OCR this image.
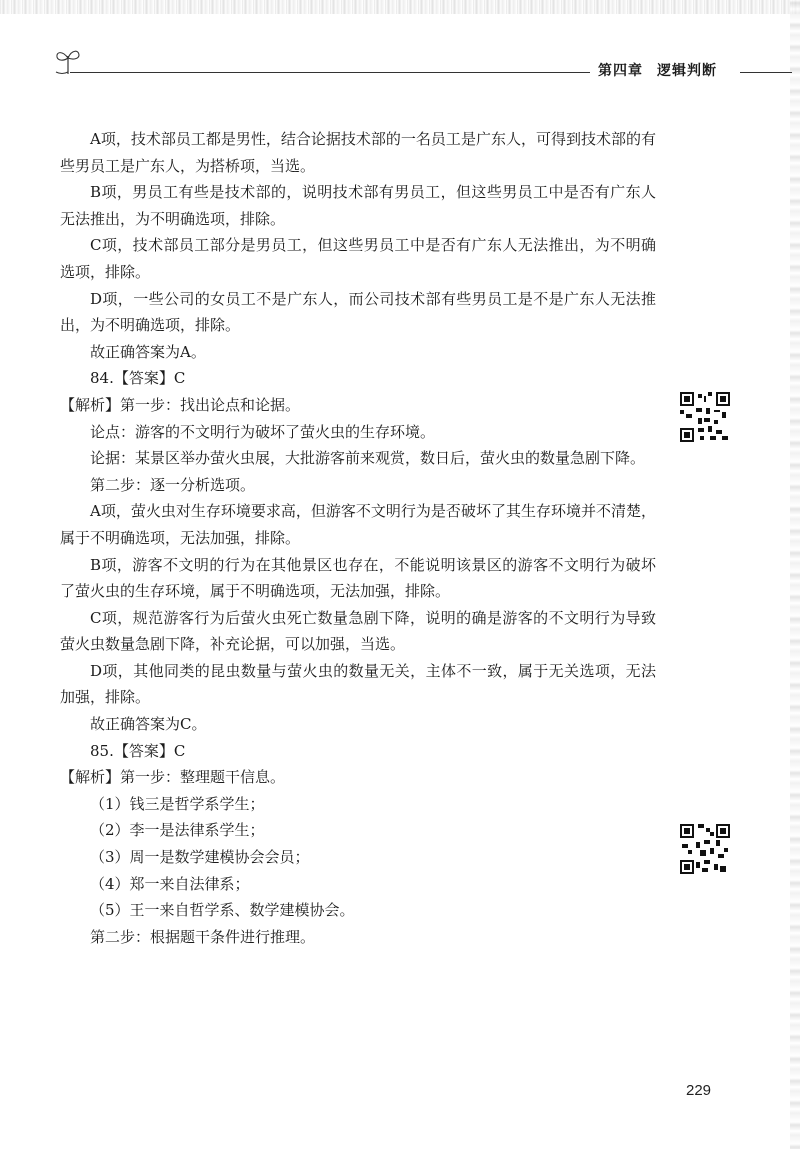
第四章 逻辑判断

A项，技术部员工都是男性，结合论据技术部的一名员工是广东人，可得到技术部的有些男员工是广东人，为搭桥项，当选。

B项，男员工有些是技术部的，说明技术部有男员工，但这些男员工中是否有广东人无法推出，为不明确选项，排除。

C项，技术部员工部分是男员工，但这些男员工中是否有广东人无法推出，为不明确选项，排除。

D项，一些公司的女员工不是广东人，而公司技术部有些男员工是不是广东人无法推出，为不明确选项，排除。

故正确答案为A。

84.【答案】C

【解析】第一步：找出论点和论据。

论点：游客的不文明行为破坏了萤火虫的生存环境。

论据：某景区举办萤火虫展，大批游客前来观赏，数日后，萤火虫的数量急剧下降。

第二步：逐一分析选项。

A项，萤火虫对生存环境要求高，但游客不文明行为是否破坏了其生存环境并不清楚，属于不明确选项，无法加强，排除。

B项，游客不文明的行为在其他景区也存在，不能说明该景区的游客不文明行为破坏了萤火虫的生存环境，属于不明确选项，无法加强，排除。

C项，规范游客行为后萤火虫死亡数量急剧下降，说明的确是游客的不文明行为导致萤火虫数量急剧下降，补充论据，可以加强，当选。

D项，其他同类的昆虫数量与萤火虫的数量无关，主体不一致，属于无关选项，无法加强，排除。

故正确答案为C。

85.【答案】C

【解析】第一步：整理题干信息。

（1）钱三是哲学系学生；

（2）李一是法律系学生；

（3）周一是数学建模协会会员；

（4）郑一来自法律系；

（5）王一来自哲学系、数学建模协会。

第二步：根据题干条件进行推理。

229
